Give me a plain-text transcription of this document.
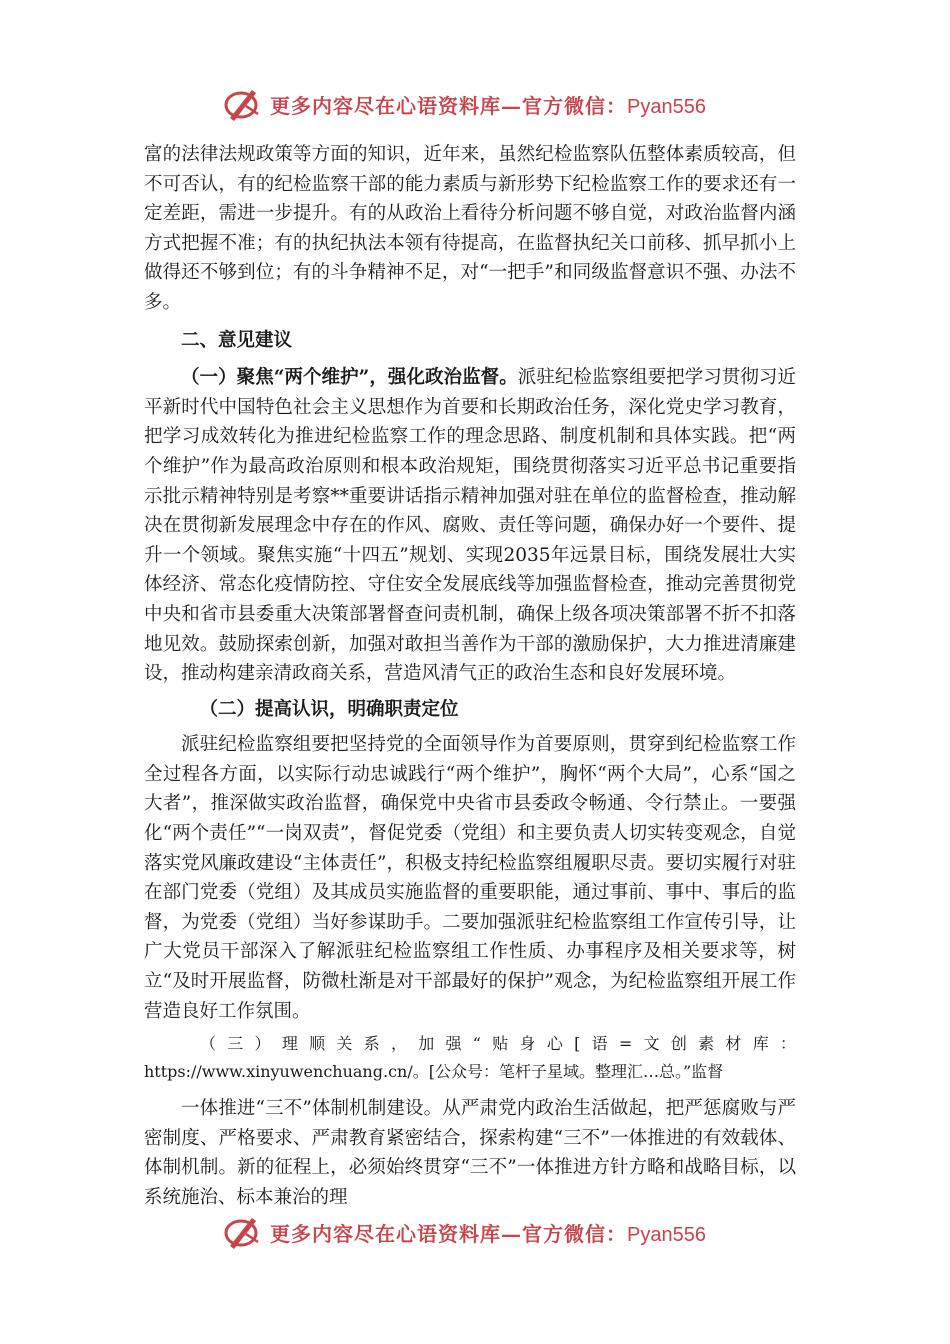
更多内容尽在心语资料库—官方微信：Pyan556

富的法律法规政策等方面的知识，近年来，虽然纪检监察队伍整体素质较高，但不可否认，有的纪检监察干部的能力素质与新形势下纪检监察工作的要求还有一定差距，需进一步提升。有的从政治上看待分析问题不够自觉，对政治监督内涵方式把握不准；有的执纪执法本领有待提高，在监督执纪关口前移、抓早抓小上做得还不够到位；有的斗争精神不足，对“一把手”和同级监督意识不强、办法不多。

二、意见建议

（一）聚焦“两个维护”，强化政治监督。派驻纪检监察组要把学习贯彻习近平新时代中国特色社会主义思想作为首要和长期政治任务，深化党史学习教育，把学习成效转化为推进纪检监察工作的理念思路、制度机制和具体实践。把“两个维护”作为最高政治原则和根本政治规矩，围绕贯彻落实习近平总书记重要指示批示精神特别是考察**重要讲话指示精神加强对驻在单位的监督检查，推动解决在贯彻新发展理念中存在的作风、腐败、责任等问题，确保办好一个要件、提升一个领域。聚焦实施“十四五”规划、实现2035年远景目标，围绕发展壮大实体经济、常态化疫情防控、守住安全发展底线等加强监督检查，推动完善贯彻党中央和省市县委重大决策部署督查问责机制，确保上级各项决策部署不折不扣落地见效。鼓励探索创新，加强对敢担当善作为干部的激励保护，大力推进清廉建设，推动构建亲清政商关系，营造风清气正的政治生态和良好发展环境。

（二）提高认识，明确职责定位

派驻纪检监察组要把坚持党的全面领导作为首要原则，贯穿到纪检监察工作全过程各方面，以实际行动忠诚践行“两个维护”，胸怀“两个大局”，心系“国之大者”，推深做实政治监督，确保党中央省市县委政令畅通、令行禁止。一要强化“两个责任”“一岗双责”，督促党委（党组）和主要负责人切实转变观念，自觉落实党风廉政建设“主体责任”，积极支持纪检监察组履职尽责。要切实履行对驻在部门党委（党组）及其成员实施监督的重要职能，通过事前、事中、事后的监督，为党委（党组）当好参谋助手。二要加强派驻纪检监察组工作宣传引导，让广大党员干部深入了解派驻纪检监察组工作性质、办事程序及相关要求等，树立“及时开展监督，防微杜渐是对干部最好的保护”观念，为纪检监察组开展工作营造良好工作氛围。

（三）理顺关系，加强“贴身心[语=文创素材库：https://www.xinyuwenchuang.cn/。[公众号：笔杆子星域。整理汇…总。”监督

一体推进“三不”体制机制建设。从严肃党内政治生活做起，把严惩腐败与严密制度、严格要求、严肃教育紧密结合，探索构建“三不”一体推进的有效载体、体制机制。新的征程上，必须始终贯穿“三不”一体推进方针方略和战略目标，以系统施治、标本兼治的理

更多内容尽在心语资料库—官方微信：Pyan556
